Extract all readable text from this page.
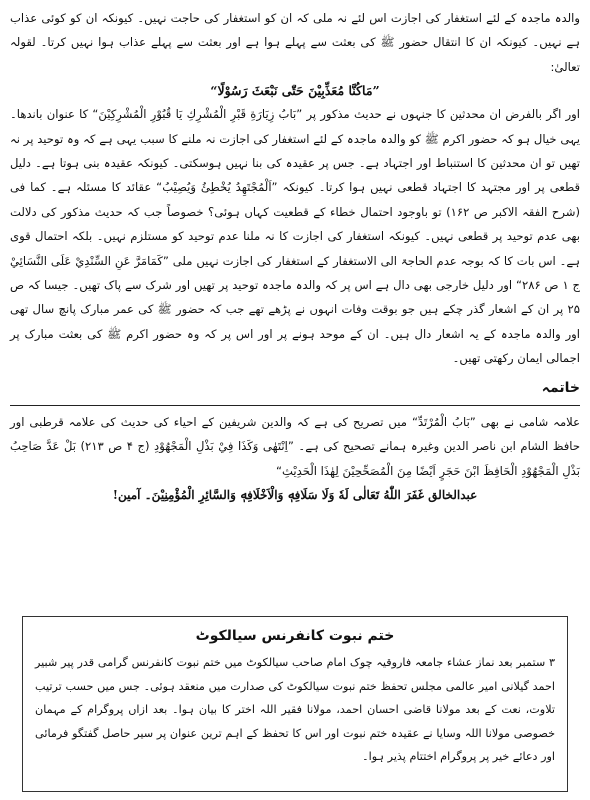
والدہ ماجدہ کے لئے استغفار کی اجازت اس لئے نہ ملی کہ ان کو استغفار کی حاجت نہیں۔ کیونکہ ان کو کوئی عذاب ہے نہیں۔ کیونکہ ان کا انتقال حضور ﷺ کی بعثت سے پہلے ہوا ہے اور بعثت سے پہلے عذاب ہوا نہیں کرتا۔ لقولہ تعالیٰ:

”مَاكُنَّا مُعَذِّبِيْنَ حَتّٰى نَبْعَثَ رَسُوْلًا“

اور اگر بالفرض ان محدثین کا جنہوں نے حدیث مذکور پر ”بَابُ زِيَارَةِ قَبْرِ الْمُشْرِكِ يَا قُبُوْرِ الْمُشْرِكِيْنَ“ کا عنوان باندھا۔ یہی خیال ہو کہ حضور اکرم ﷺ کو والدہ ماجدہ کے لئے استغفار کی اجازت نہ ملنے کا سبب یہی ہے کہ وہ توحید پر نہ تھیں تو ان محدثین کا استنباط اور اجتہاد ہے۔ جس پر عقیدہ کی بنا نہیں ہوسکتی۔ کیونکہ عقیدہ بنی ہوتا ہے۔ دلیل قطعی پر اور مجتہد کا اجتہاد قطعی نہیں ہوا کرتا۔ کیونکہ ”اَلْمُجْتَهِدُ يُخْطِئُ وَيُصِيْبُ“ عقائد کا مسئلہ ہے۔ کما فی (شرح الفقہ الاکبر ص ۱۶۲) تو باوجود احتمال خطاء کے قطعیت کہاں ہوئی؟ خصوصاً جب کہ حدیث مذکور کی دلالت بھی عدم توحید پر قطعی نہیں۔ کیونکہ استغفار کی اجازت کا نہ ملنا عدم توحید کو مستلزم نہیں۔ بلکہ احتمال قوی ہے۔ اس بات کا کہ بوجہ عدم الحاجۃ الی الاستغفار کے استغفار کی اجازت نہیں ملی ”كَمَامَرَّ عَنِ السِّنْدِيْ عَلَى النَّسَائِيْ ج ۱ ص ۲۸۶“ اور دلیل خارجی بھی دال ہے اس پر کہ والدہ ماجدہ توحید پر تھیں اور شرک سے پاک تھیں۔ جیسا کہ ص ۲۵ پر ان کے اشعار گذر چکے ہیں جو بوقت وفات انہوں نے پڑھے تھے جب کہ حضور ﷺ کی عمر مبارک پانچ سال تھی اور والدہ ماجدہ کے یہ اشعار دال ہیں۔ ان کے موحد ہونے پر اور اس پر کہ وہ حضور اکرم ﷺ کی بعثت مبارک پر اجمالی ایمان رکھتی تھیں۔

خاتمہ

علامہ شامی نے بھی ”بَابُ الْمُرْتَدِّ“ میں تصریح کی ہے کہ والدین شریفین کے احیاء کی حدیث کی علامہ قرطبی اور حافظ الشام ابن ناصر الدین وغیرہ ہمانے تصحیح کی ہے۔ ”اِنْتَهٰى وَكَذَا فِيْ بَذْلِ الْمَجْهُوْدِ (ج ۴ ص ۲۱۳) بَلْ عَدَّ صَاحِبُ بَذْلِ الْمَجْهُوْدِ الْحَافِظَ ابْنَ حَجَرٍ اَيْضًا مِنَ الْمُصَحِّحِيْنَ لِهٰذَا الْحَدِيْثِ“

عبدالخالق غَفَرَ اللّٰهُ تَعَالٰى لَهٗ وَلَا سَلَافِهٖ وَالْاَخْلَافِهٖ وَالسَّائِرِ الْمُؤْمِنِيْنَ۔ آمین!

ختم نبوت کانفرنس سیالکوٹ

۳ ستمبر بعد نماز عشاء جامعہ فاروقیہ چوک امام صاحب سیالکوٹ میں ختم نبوت کانفرنس گرامی قدر پیر شبیر احمد گیلانی امیر عالمی مجلس تحفظ ختم نبوت سیالکوٹ کی صدارت میں منعقد ہوئی۔ جس میں حسب ترتیب تلاوت، نعت کے بعد مولانا قاضی احسان احمد، مولانا فقیر اللہ اختر کا بیان ہوا۔ بعد ازاں پروگرام کے مہمان خصوصی مولانا اللہ وسایا نے عقیدہ ختم نبوت اور اس کا تحفظ کے اہم ترین عنوان پر سیر حاصل گفتگو فرمائی اور دعائے خیر پر پروگرام اختتام پذیر ہوا۔
